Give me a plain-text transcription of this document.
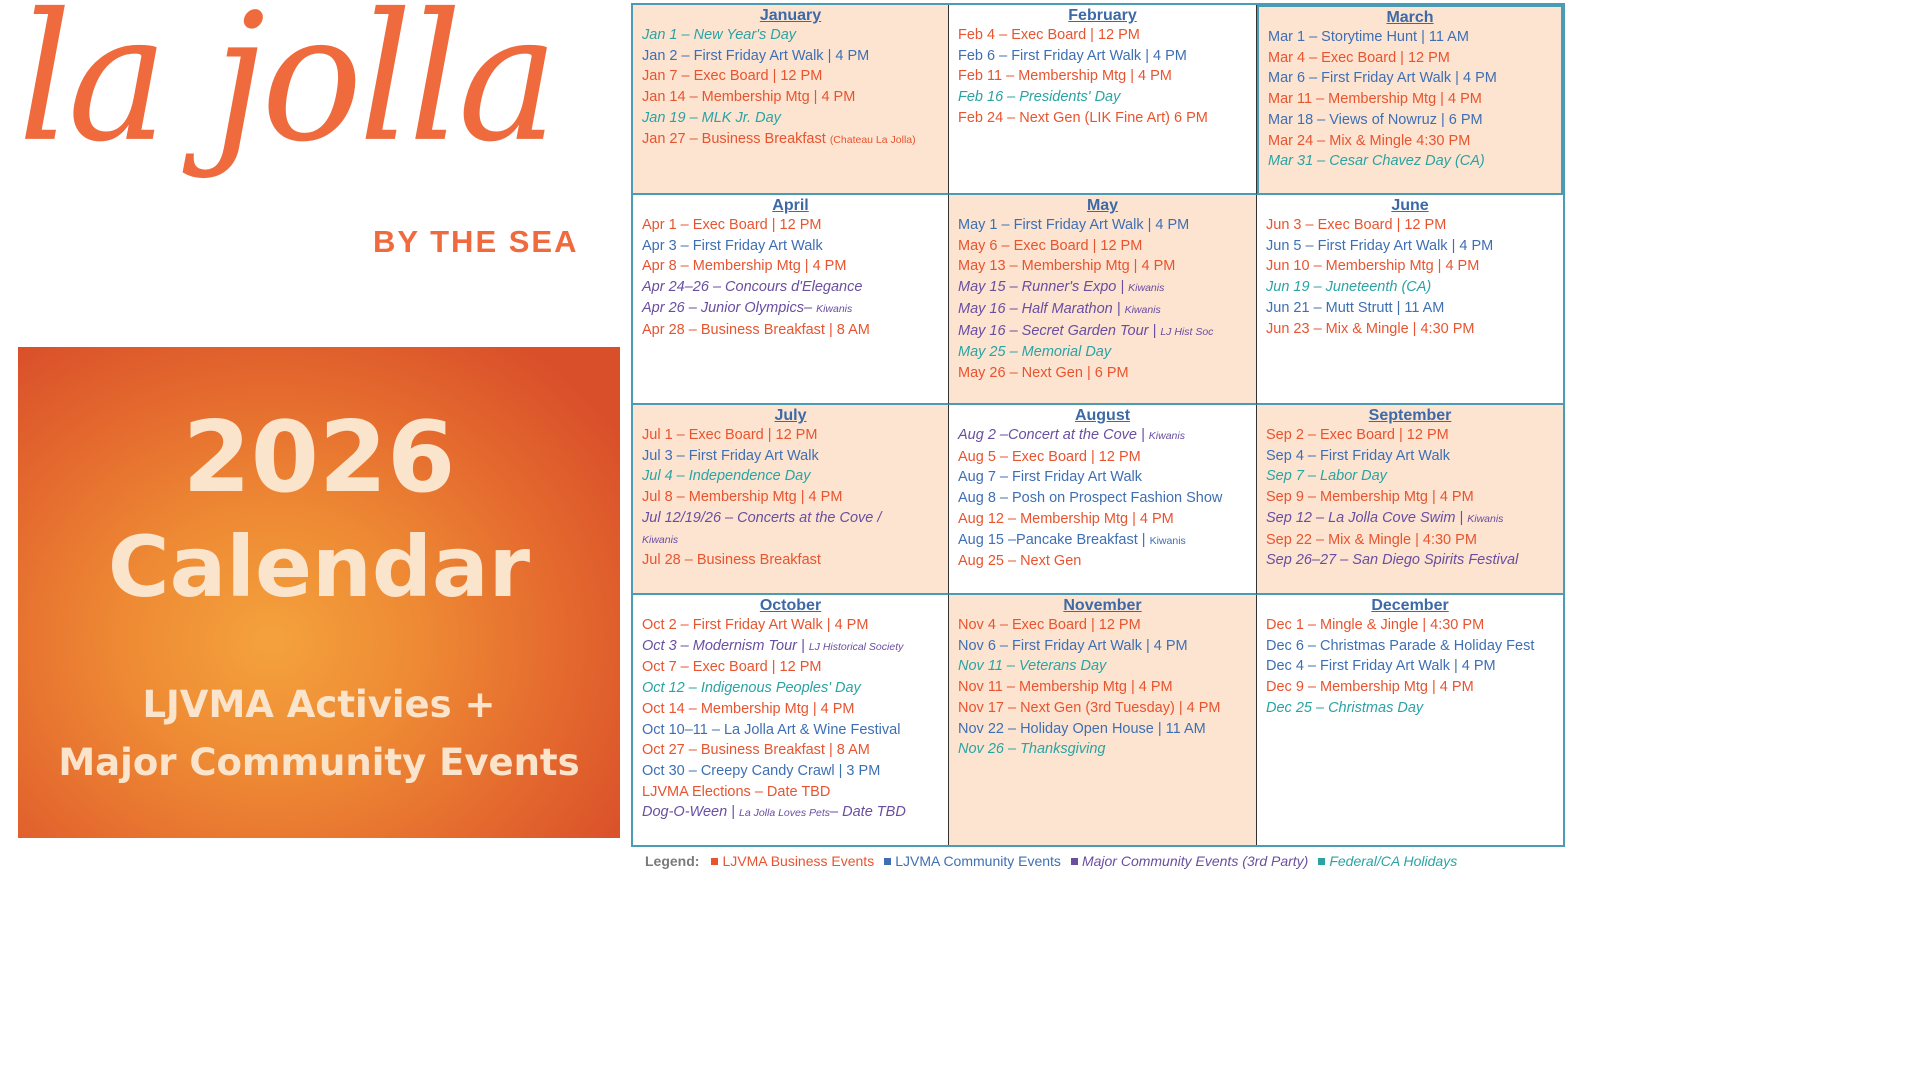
la jolla
BY THE SEA
2026
Calendar
LJVMA Activies +
Major Community Events
January
Jan 1 – New Year's Day
Jan 2 – First Friday Art Walk | 4 PM
Jan 7 – Exec Board | 12 PM
Jan 14 – Membership Mtg | 4 PM
Jan 19 – MLK Jr. Day
Jan 27 – Business Breakfast (Chateau La Jolla)
February
Feb 4 – Exec Board | 12 PM
Feb 6 – First Friday Art Walk | 4 PM
Feb 11 – Membership Mtg | 4 PM
Feb 16 – Presidents' Day
Feb 24 – Next Gen (LIK Fine Art) 6 PM
March
Mar 1 – Storytime Hunt | 11 AM
Mar 4 – Exec Board | 12 PM
Mar 6 – First Friday Art Walk | 4 PM
Mar 11 – Membership Mtg | 4 PM
Mar 18 – Views of Nowruz | 6 PM
Mar 24 – Mix & Mingle 4:30 PM
Mar 31 – Cesar Chavez Day (CA)
April
Apr 1 – Exec Board | 12 PM
Apr 3 – First Friday Art Walk
Apr 8 – Membership Mtg | 4 PM
Apr 24–26 – Concours d'Elegance
Apr 26 – Junior Olympics– Kiwanis
Apr 28 – Business Breakfast | 8 AM
May
May 1 – First Friday Art Walk | 4 PM
May 6 – Exec Board | 12 PM
May 13 – Membership Mtg | 4 PM
May 15 – Runner's Expo | Kiwanis
May 16 – Half Marathon | Kiwanis
May 16 – Secret Garden Tour | LJ Hist Soc
May 25 – Memorial Day
May 26 – Next Gen | 6 PM
June
Jun 3 – Exec Board | 12 PM
Jun 5 – First Friday Art Walk | 4 PM
Jun 10 – Membership Mtg | 4 PM
Jun 19 – Juneteenth (CA)
Jun 21 – Mutt Strutt | 11 AM
Jun 23 – Mix & Mingle | 4:30 PM
July
Jul 1 – Exec Board | 12 PM
Jul 3 – First Friday Art Walk
Jul 4 – Independence Day
Jul 8 – Membership Mtg | 4 PM
Jul 12/19/26 – Concerts at the Cove /
Kiwanis
Jul 28 – Business Breakfast
August
Aug 2 –Concert at the Cove | Kiwanis
Aug 5 – Exec Board | 12 PM
Aug 7 – First Friday Art Walk
Aug 8 – Posh on Prospect Fashion Show
Aug 12 – Membership Mtg | 4 PM
Aug 15 –Pancake Breakfast | Kiwanis
Aug 25 – Next Gen
September
Sep 2 – Exec Board | 12 PM
Sep 4 – First Friday Art Walk
Sep 7 – Labor Day
Sep 9 – Membership Mtg | 4 PM
Sep 12 – La Jolla Cove Swim | Kiwanis
Sep 22 – Mix & Mingle | 4:30 PM
Sep 26–27 – San Diego Spirits Festival
October
Oct 2 – First Friday Art Walk | 4 PM
Oct 3 – Modernism Tour | LJ Historical Society
Oct 7 – Exec Board | 12 PM
Oct 12 – Indigenous Peoples' Day
Oct 14 – Membership Mtg | 4 PM
Oct 10–11 – La Jolla Art & Wine Festival
Oct 27 – Business Breakfast | 8 AM
Oct 30 – Creepy Candy Crawl | 3 PM
LJVMA Elections – Date TBD
Dog-O-Ween | La Jolla Loves Pets– Date TBD
November
Nov 4 – Exec Board | 12 PM
Nov 6 – First Friday Art Walk | 4 PM
Nov 11 – Veterans Day
Nov 11 – Membership Mtg | 4 PM
Nov 17 – Next Gen (3rd Tuesday) | 4 PM
Nov 22 – Holiday Open House | 11 AM
Nov 26 – Thanksgiving
December
Dec 1 – Mingle & Jingle | 4:30 PM
Dec 6 – Christmas Parade & Holiday Fest
Dec 4 – First Friday Art Walk | 4 PM
Dec 9 – Membership Mtg | 4 PM
Dec 25 – Christmas Day
Legend: LJVMA Business Events LJVMA Community Events Major Community Events (3rd Party) Federal/CA Holidays
